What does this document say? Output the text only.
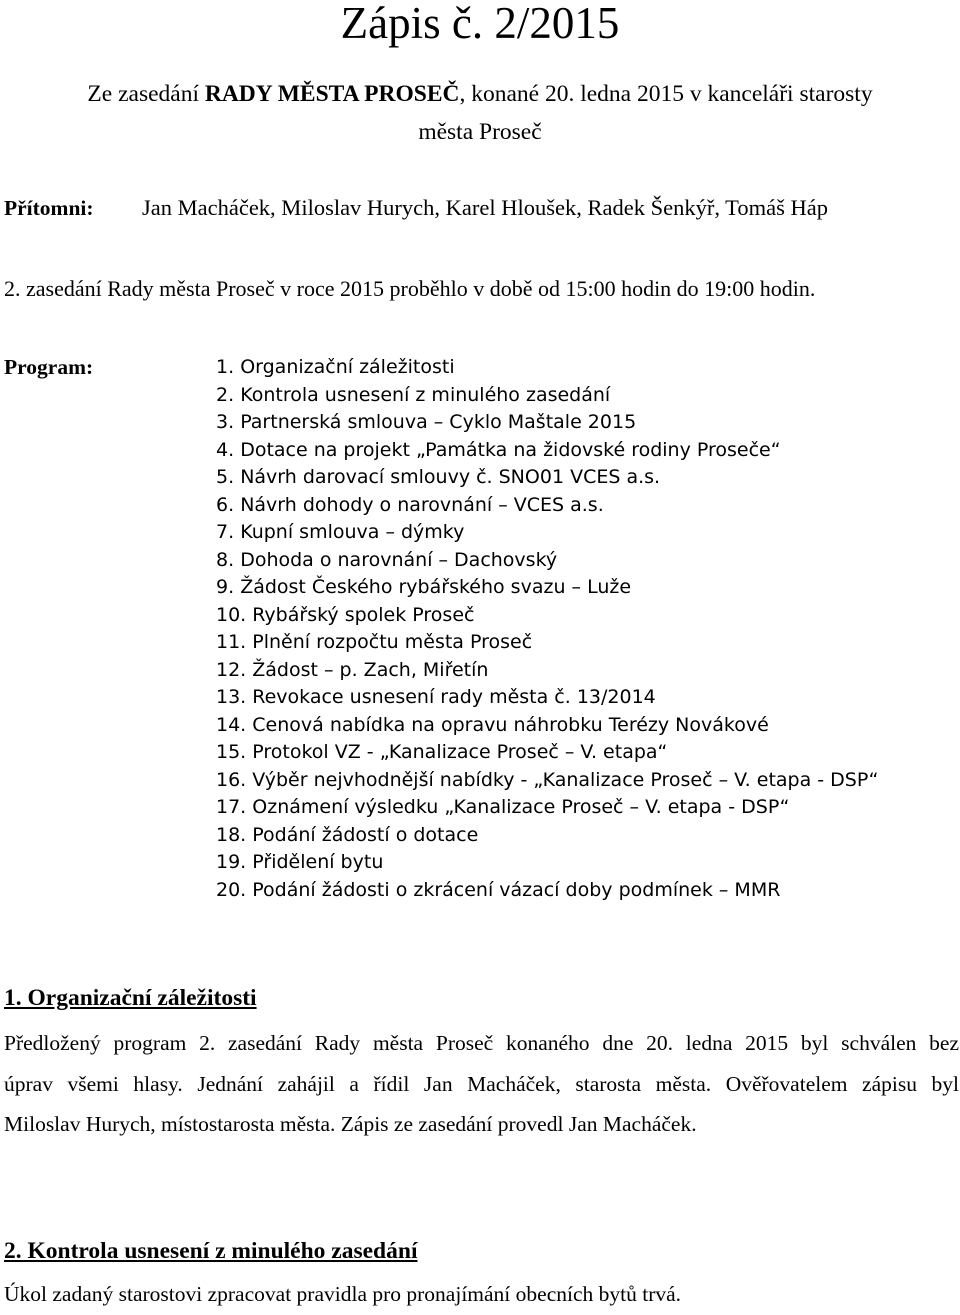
Zápis č. 2/2015
Ze zasedání RADY MĚSTA PROSEČ, konané 20. ledna 2015 v kanceláři starosty
města Proseč
Přítomni: Jan Macháček, Miloslav Hurych, Karel Hloušek, Radek Šenkýř, Tomáš Háp
2. zasedání Rady města Proseč v roce 2015 proběhlo v době od 15:00 hodin do 19:00 hodin.
Program:	1. Organizační záležitosti
2. Kontrola usnesení z minulého zasedání
3. Partnerská smlouva – Cyklo Maštale 2015
4. Dotace na projekt „Památka na židovské rodiny Proseče“
5. Návrh darovací smlouvy č. SNO01 VCES a.s.
6. Návrh dohody o narovnání – VCES a.s.
7. Kupní smlouva – dýmky
8. Dohoda o narovnání – Dachovský
9. Žádost Českého rybářského svazu – Luže
10. Rybářský spolek Proseč
11. Plnění rozpočtu města Proseč
12. Žádost – p. Zach, Miřetín
13. Revokace usnesení rady města č. 13/2014
14. Cenová nabídka na opravu náhrobku Terézy Novákové
15. Protokol VZ - „Kanalizace Proseč – V. etapa“
16. Výběr nejvhodnější nabídky - „Kanalizace Proseč – V. etapa - DSP“
17. Oznámení výsledku „Kanalizace Proseč – V. etapa - DSP“
18. Podání žádostí o dotace
19. Přidělení bytu
20. Podání žádosti o zkrácení vázací doby podmínek – MMR
1. Organizační záležitosti
Předložený program 2. zasedání Rady města Proseč konaného dne 20. ledna 2015 byl schválen bez
úprav všemi hlasy. Jednání zahájil a řídil Jan Macháček, starosta města. Ověřovatelem zápisu byl
Miloslav Hurych, místostarosta města. Zápis ze zasedání provedl Jan Macháček.
2. Kontrola usnesení z minulého zasedání
Úkol zadaný starostovi zpracovat pravidla pro pronajímání obecních bytů trvá.
